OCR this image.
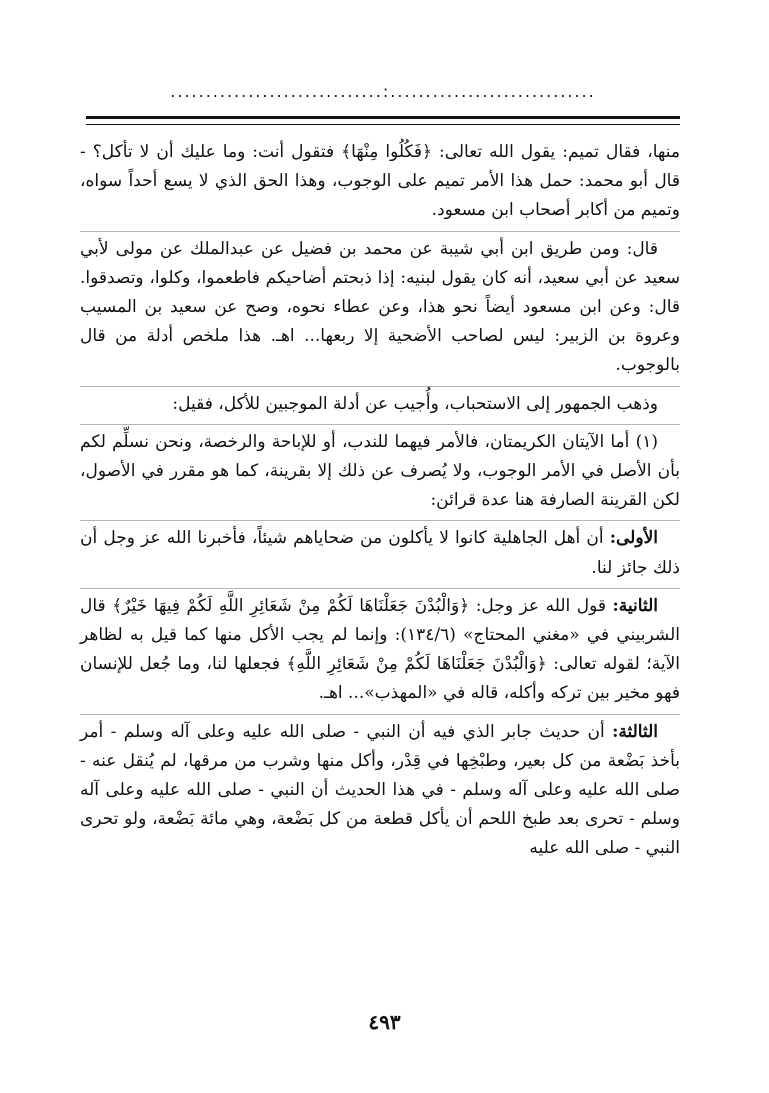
..............................:.............................

منها، فقال تميم: يقول الله تعالى: ﴿فَكُلُوا مِنْهَا﴾ فتقول أنت: وما عليك أن لا تأكل؟ - قال أبو محمد: حمل هذا الأمر تميم على الوجوب، وهذا الحق الذي لا يسع أحداً سواه، وتميم من أكابر أصحاب ابن مسعود.

قال: ومن طريق ابن أبي شيبة عن محمد بن فضيل عن عبدالملك عن مولى لأبي سعيد عن أبي سعيد، أنه كان يقول لبنيه: إذا ذبحتم أضاحيكم فاطعموا، وكلوا، وتصدقوا. قال: وعن ابن مسعود أيضاً نحو هذا، وعن عطاء نحوه، وصح عن سعيد بن المسيب وعروة بن الزبير: ليس لصاحب الأضحية إلا ربعها... اهـ. هذا ملخص أدلة من قال بالوجوب.

وذهب الجمهور إلى الاستحباب، وأُجيب عن أدلة الموجبين للأكل، فقيل:

(١) أما الآيتان الكريمتان، فالأمر فيهما للندب، أو للإباحة والرخصة، ونحن نسلِّم لكم بأن الأصل في الأمر الوجوب، ولا يُصرف عن ذلك إلا بقرينة، كما هو مقرر في الأصول، لكن القرينة الصارفة هنا عدة قرائن:

الأولى: أن أهل الجاهلية كانوا لا يأكلون من ضحاياهم شيئاً، فأخبرنا الله عز وجل أن ذلك جائز لنا.

الثانية: قول الله عز وجل: ﴿وَالْبُدْنَ جَعَلْنَاهَا لَكُمْ مِنْ شَعَائِرِ اللَّهِ لَكُمْ فِيهَا خَيْرٌ﴾ قال الشربيني في «مغني المحتاج» (١٣٤/٦): وإنما لم يجب الأكل منها كما قيل به لظاهر الآية؛ لقوله تعالى: ﴿وَالْبُدْنَ جَعَلْنَاهَا لَكُمْ مِنْ شَعَائِرِ اللَّهِ﴾ فجعلها لنا، وما جُعل للإنسان فهو مخير بين تركه وأكله، قاله في «المهذب»... اهـ.

الثالثة: أن حديث جابر الذي فيه أن النبي - صلى الله عليه وعلى آله وسلم - أمر بأخذ بَضْعة من كل بعير، وطبْخِها في قِدْر، وأكل منها وشرب من مرقها، لم يُنقل عنه - صلى الله عليه وعلى آله وسلم - في هذا الحديث أن النبي - صلى الله عليه وعلى آله وسلم - تحرى بعد طبخ اللحم أن يأكل قطعة من كل بَضْعة، وهي مائة بَضْعة، ولو تحرى النبي - صلى الله عليه

٤٩٣
